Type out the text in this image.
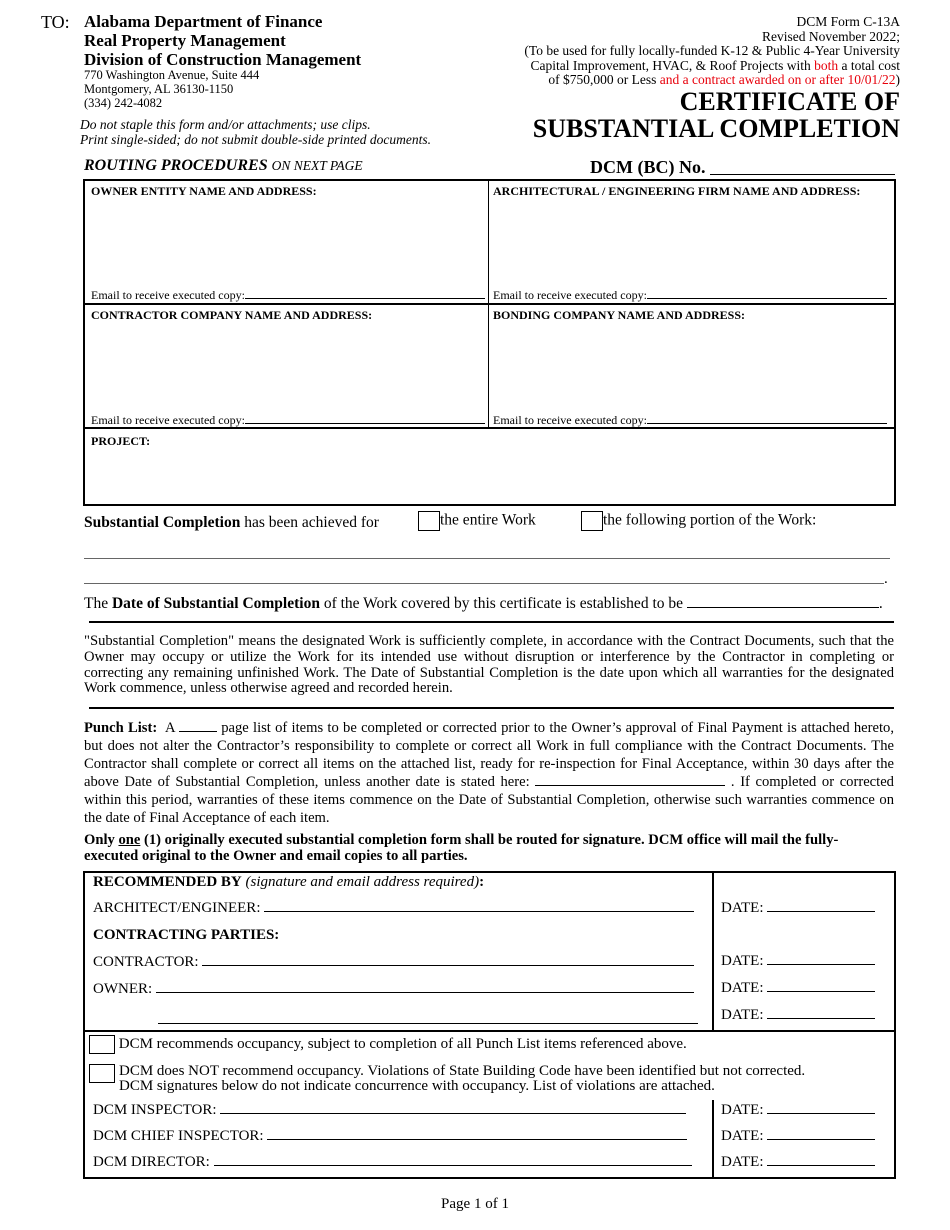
TO: Alabama Department of Finance
Real Property Management
Division of Construction Management
770 Washington Avenue, Suite 444
Montgomery, AL 36130-1150
(334) 242-4082
Do not staple this form and/or attachments; use clips.
Print single-sided; do not submit double-side printed documents.
ROUTING PROCEDURES ON NEXT PAGE
DCM Form C-13A
Revised November 2022;
(To be used for fully locally-funded K-12 & Public 4-Year University
Capital Improvement, HVAC, & Roof Projects with both a total cost
of $750,000 or Less and a contract awarded on or after 10/01/22)
CERTIFICATE OF
SUBSTANTIAL COMPLETION
DCM (BC) No.
OWNER ENTITY NAME AND ADDRESS:	ARCHITECTURAL / ENGINEERING FIRM NAME AND ADDRESS:
Email to receive executed copy:	Email to receive executed copy:
CONTRACTOR COMPANY NAME AND ADDRESS:	BONDING COMPANY NAME AND ADDRESS:
Email to receive executed copy:	Email to receive executed copy:
PROJECT:
Substantial Completion has been achieved for	the entire Work	the following portion of the Work:
.
The Date of Substantial Completion of the Work covered by this certificate is established to be	.
"Substantial Completion" means the designated Work is sufficiently complete, in accordance with the Contract Documents, such that the Owner may occupy or utilize the Work for its intended use without disruption or interference by the Contractor in completing or correcting any remaining unfinished Work. The Date of Substantial Completion is the date upon which all warranties for the designated Work commence, unless otherwise agreed and recorded herein.
Punch List: A	page list of items to be completed or corrected prior to the Owner’s approval of Final Payment is attached hereto, but does not alter the Contractor’s responsibility to complete or correct all Work in full compliance with the Contract Documents. The Contractor shall complete or correct all items on the attached list, ready for re-inspection for Final Acceptance, within 30 days after the above Date of Substantial Completion, unless another date is stated here:	. If completed or corrected within this period, warranties of these items commence on the Date of Substantial Completion, otherwise such warranties commence on the date of Final Acceptance of each item.
Only one (1) originally executed substantial completion form shall be routed for signature. DCM office will mail the fully-executed original to the Owner and email copies to all parties.
RECOMMENDED BY (signature and email address required):
ARCHITECT/ENGINEER:	DATE:
CONTRACTING PARTIES:
CONTRACTOR:	DATE:
OWNER:	DATE:
DATE:
DCM recommends occupancy, subject to completion of all Punch List items referenced above.
DCM does NOT recommend occupancy. Violations of State Building Code have been identified but not corrected.
DCM signatures below do not indicate concurrence with occupancy. List of violations are attached.
DCM INSPECTOR:	DATE:
DCM CHIEF INSPECTOR:	DATE:
DCM DIRECTOR:	DATE:
Page 1 of 1
